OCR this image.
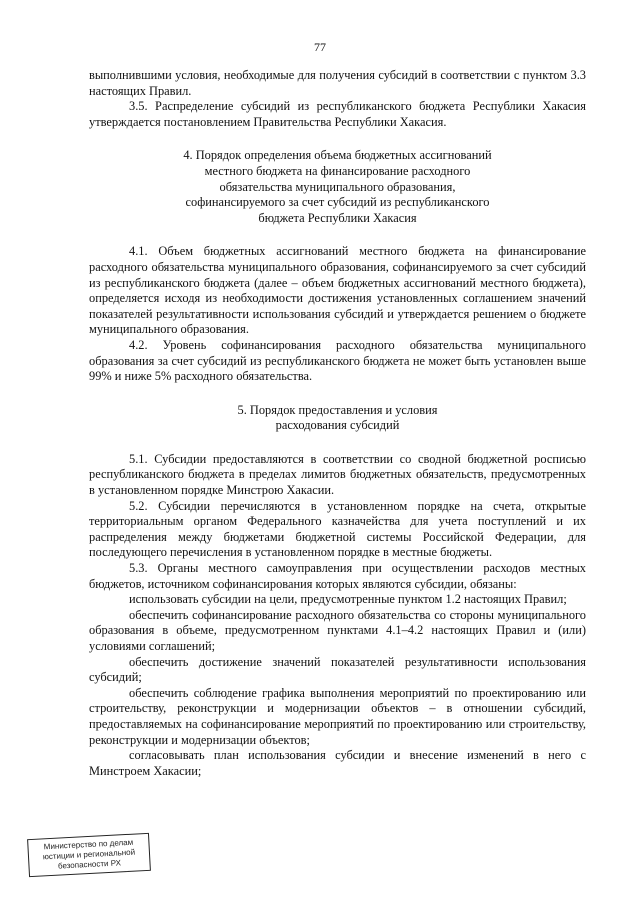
77

выполнившими условия, необходимые для получения субсидий в соответствии с пунктом 3.3 настоящих Правил.

3.5. Распределение субсидий из республиканского бюджета Республики Хакасия утверждается постановлением Правительства Республики Хакасия.

4. Порядок определения объема бюджетных ассигнований
местного бюджета на финансирование расходного
обязательства муниципального образования,
софинансируемого за счет субсидий из республиканского
бюджета Республики Хакасия

4.1. Объем бюджетных ассигнований местного бюджета на финансирование расходного обязательства муниципального образования, софинансируемого за счет субсидий из республиканского бюджета (далее – объем бюджетных ассигнований местного бюджета), определяется исходя из необходимости достижения установленных соглашением значений показателей результативности использования субсидий и утверждается решением о бюджете муниципального образования.

4.2. Уровень софинансирования расходного обязательства муниципального образования за счет субсидий из республиканского бюджета не может быть установлен выше 99% и ниже 5% расходного обязательства.

5. Порядок предоставления и условия
расходования субсидий

5.1. Субсидии предоставляются в соответствии со сводной бюджетной росписью республиканского бюджета в пределах лимитов бюджетных обязательств, предусмотренных в установленном порядке Минстрою Хакасии.

5.2. Субсидии перечисляются в установленном порядке на счета, открытые территориальным органом Федерального казначейства для учета поступлений и их распределения между бюджетами бюджетной системы Российской Федерации, для последующего перечисления в установленном порядке в местные бюджеты.

5.3. Органы местного самоуправления при осуществлении расходов местных бюджетов, источником софинансирования которых являются субсидии, обязаны:

использовать субсидии на цели, предусмотренные пунктом 1.2 настоящих Правил;

обеспечить софинансирование расходного обязательства со стороны муниципального образования в объеме, предусмотренном пунктами 4.1–4.2 настоящих Правил и (или) условиями соглашений;

обеспечить достижение значений показателей результативности использования субсидий;

обеспечить соблюдение графика выполнения мероприятий по проектированию или строительству, реконструкции и модернизации объектов – в отношении субсидий, предоставляемых на софинансирование мероприятий по проектированию или строительству, реконструкции и модернизации объектов;

согласовывать план использования субсидии и внесение изменений в него с Минстроем Хакасии;

Министерство по делам
юстиции и региональной
безопасности РХ
